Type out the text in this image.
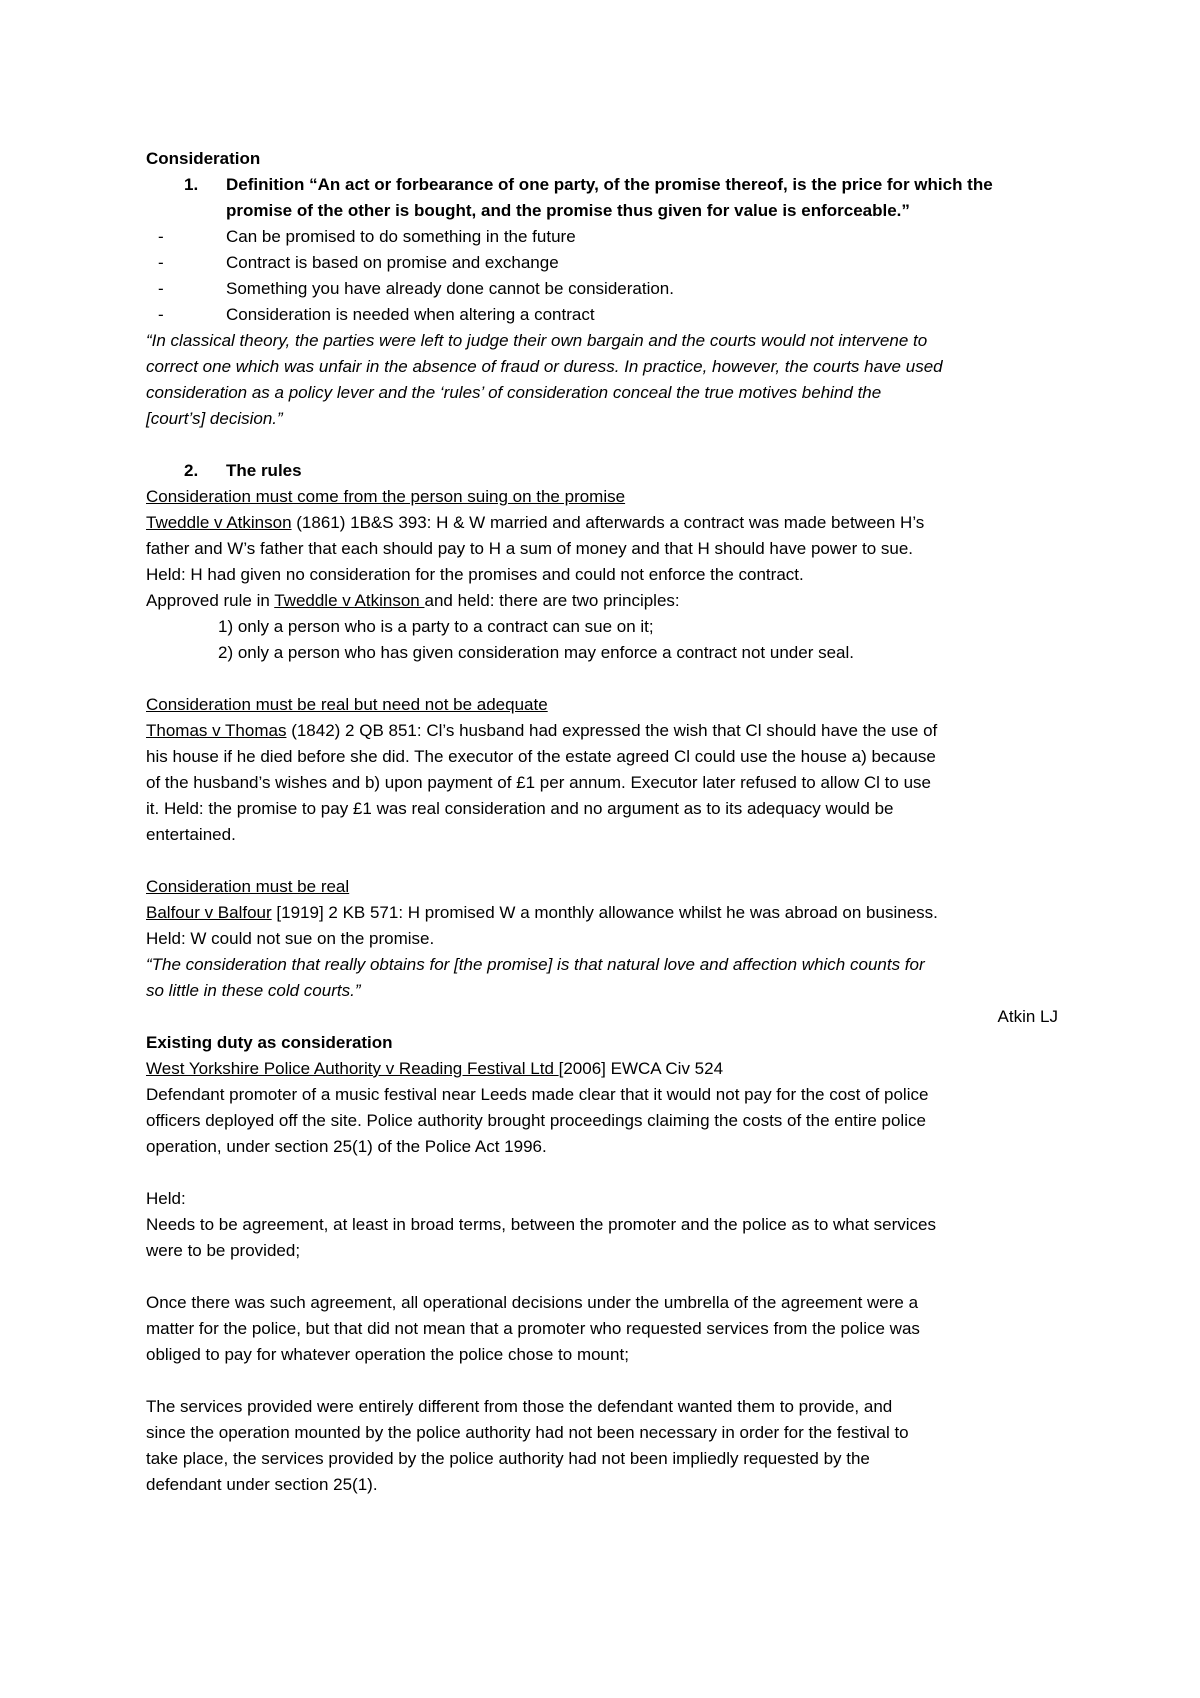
Consideration

1. Definition “An act or forbearance of one party, of the promise thereof, is the price for which the

promise of the other is bought, and the promise thus given for value is enforceable.”

-	Can be promised to do something in the future

-	Contract is based on promise and exchange

-	Something you have already done cannot be consideration.

-	Consideration is needed when altering a contract

“In classical theory, the parties were left to judge their own bargain and the courts would not intervene to

correct one which was unfair in the absence of fraud or duress. In practice, however, the courts have used

consideration as a policy lever and the ‘rules’ of consideration conceal the true motives behind the

[court’s] decision.”

2. The rules

Consideration must come from the person suing on the promise

Tweddle v Atkinson (1861) 1B&S 393: H & W married and afterwards a contract was made between H’s

father and W’s father that each should pay to H a sum of money and that H should have power to sue.

Held: H had given no consideration for the promises and could not enforce the contract.

Approved rule in Tweddle v Atkinson and held: there are two principles:

1) only a person who is a party to a contract can sue on it;

2) only a person who has given consideration may enforce a contract not under seal.

Consideration must be real but need not be adequate

Thomas v Thomas (1842) 2 QB 851: Cl’s husband had expressed the wish that Cl should have the use of

his house if he died before she did. The executor of the estate agreed Cl could use the house a) because

of the husband’s wishes and b) upon payment of £1 per annum. Executor later refused to allow Cl to use

it. Held: the promise to pay £1 was real consideration and no argument as to its adequacy would be

entertained.

Consideration must be real

Balfour v Balfour [1919] 2 KB 571: H promised W a monthly allowance whilst he was abroad on business.

Held: W could not sue on the promise.

“The consideration that really obtains for [the promise] is that natural love and affection which counts for

so little in these cold courts.”

Atkin LJ

Existing duty as consideration

West Yorkshire Police Authority v Reading Festival Ltd [2006] EWCA Civ 524

Defendant promoter of a music festival near Leeds made clear that it would not pay for the cost of police

officers deployed off the site. Police authority brought proceedings claiming the costs of the entire police

operation, under section 25(1) of the Police Act 1996.

Held:

Needs to be agreement, at least in broad terms, between the promoter and the police as to what services

were to be provided;

Once there was such agreement, all operational decisions under the umbrella of the agreement were a

matter for the police, but that did not mean that a promoter who requested services from the police was

obliged to pay for whatever operation the police chose to mount;

The services provided were entirely different from those the defendant wanted them to provide, and

since the operation mounted by the police authority had not been necessary in order for the festival to

take place, the services provided by the police authority had not been impliedly requested by the

defendant under section 25(1).
